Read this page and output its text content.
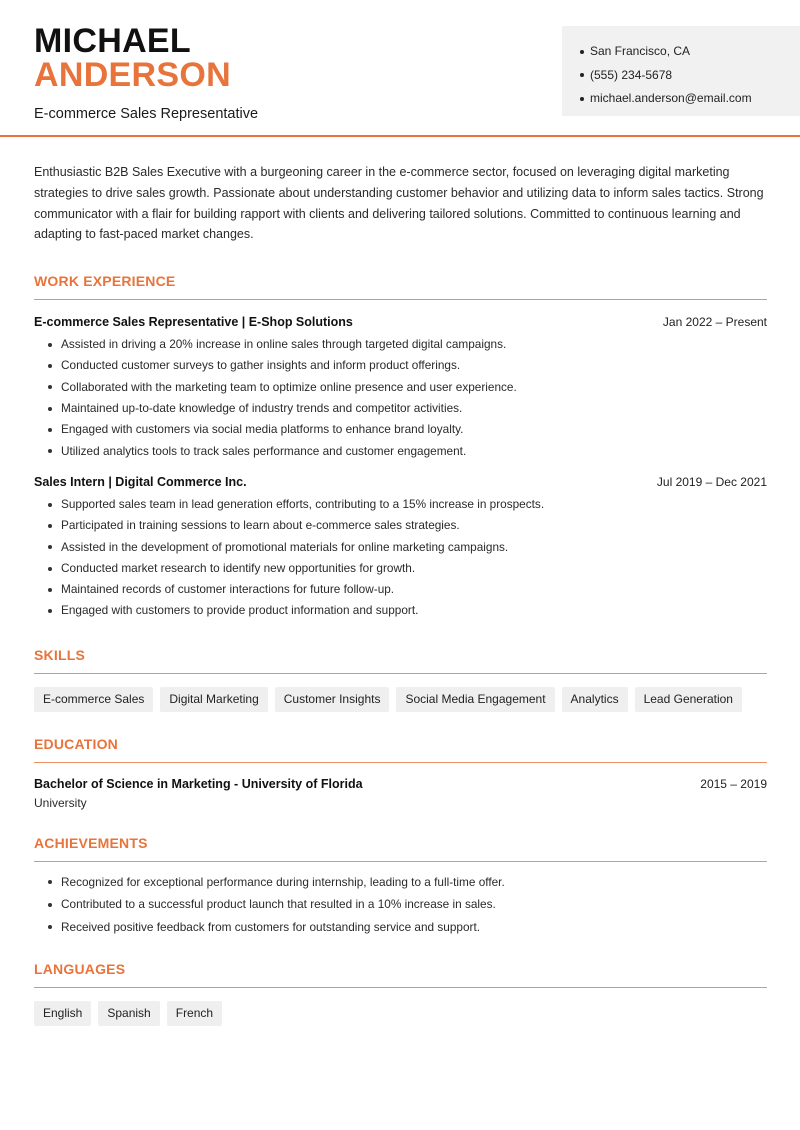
MICHAEL
ANDERSON
E-commerce Sales Representative
San Francisco, CA
(555) 234-5678
michael.anderson@email.com

Enthusiastic B2B Sales Executive with a burgeoning career in the e-commerce sector, focused on leveraging digital marketing strategies to drive sales growth. Passionate about understanding customer behavior and utilizing data to inform sales tactics. Strong communicator with a flair for building rapport with clients and delivering tailored solutions. Committed to continuous learning and adapting to fast-paced market changes.

WORK EXPERIENCE
E-commerce Sales Representative | E-Shop Solutions	Jan 2022 – Present
Assisted in driving a 20% increase in online sales through targeted digital campaigns.
Conducted customer surveys to gather insights and inform product offerings.
Collaborated with the marketing team to optimize online presence and user experience.
Maintained up-to-date knowledge of industry trends and competitor activities.
Engaged with customers via social media platforms to enhance brand loyalty.
Utilized analytics tools to track sales performance and customer engagement.
Sales Intern | Digital Commerce Inc.	Jul 2019 – Dec 2021
Supported sales team in lead generation efforts, contributing to a 15% increase in prospects.
Participated in training sessions to learn about e-commerce sales strategies.
Assisted in the development of promotional materials for online marketing campaigns.
Conducted market research to identify new opportunities for growth.
Maintained records of customer interactions for future follow-up.
Engaged with customers to provide product information and support.
SKILLS
E-commerce Sales	Digital Marketing	Customer Insights	Social Media Engagement	Analytics	Lead Generation
EDUCATION
Bachelor of Science in Marketing - University of Florida	2015 – 2019
University
ACHIEVEMENTS
Recognized for exceptional performance during internship, leading to a full-time offer.
Contributed to a successful product launch that resulted in a 10% increase in sales.
Received positive feedback from customers for outstanding service and support.
LANGUAGES
English	Spanish	French
